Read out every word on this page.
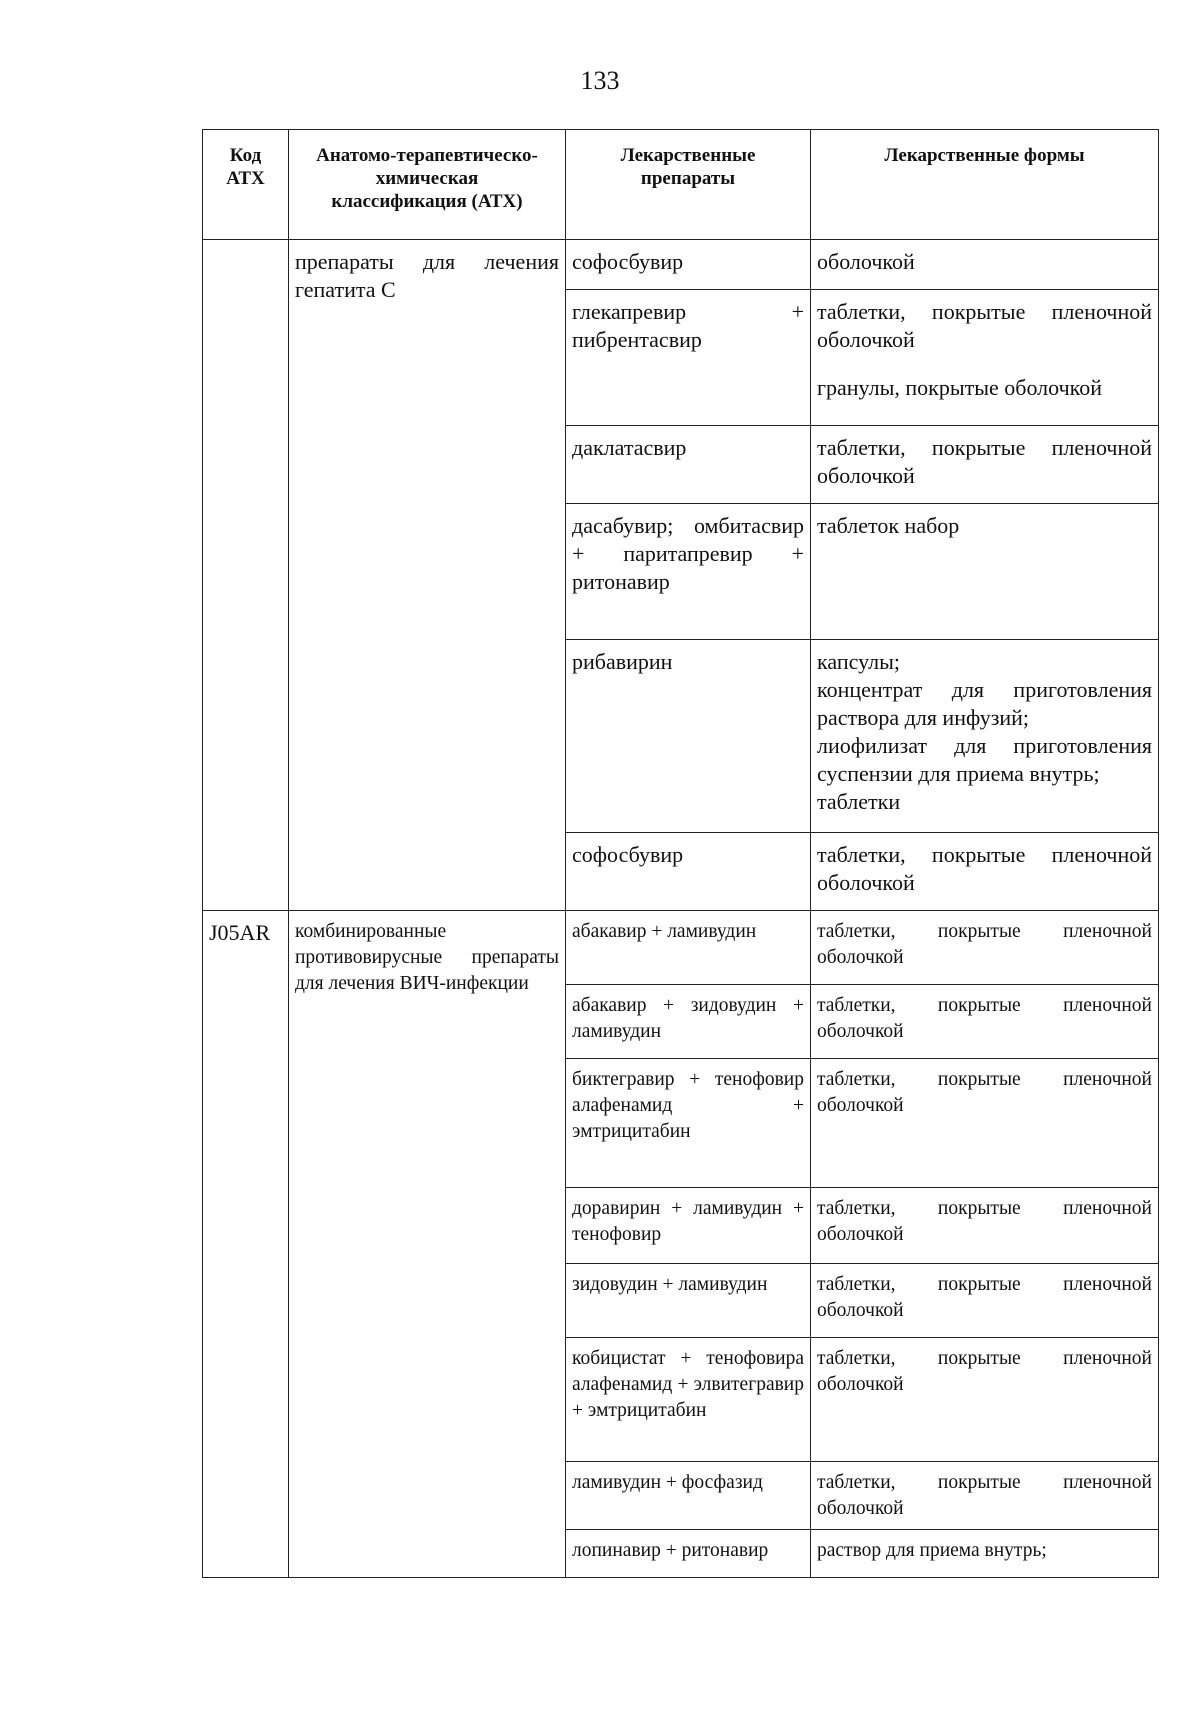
133
Код АТХ	Анатомо-терапевтическо-химическая классификация (АТХ)	Лекарственные препараты	Лекарственные формы

	препараты для лечения гепатита С	софосбувир	оболочкой

		глекапревир + пибрентасвир	таблетки, покрытые пленочной оболочкой
гранулы, покрытые оболочкой

		даклатасвир	таблетки, покрытые пленочной оболочкой

		дасабувир; омбитасвир + паритапревир + ритонавир	таблеток набор

		рибавирин	капсулы;
концентрат для приготовления раствора для инфузий;
лиофилизат для приготовления суспензии для приема внутрь;
таблетки

		софосбувир	таблетки, покрытые пленочной оболочкой

J05AR	комбинированные противовирусные препараты для лечения ВИЧ-инфекции	абакавир + ламивудин	таблетки, покрытые пленочной оболочкой

		абакавир + зидовудин + ламивудин	таблетки, покрытые пленочной оболочкой

		биктегравир + тенофовир алафенамид + эмтрицитабин	таблетки, покрытые пленочной оболочкой

		доравирин + ламивудин + тенофовир	таблетки, покрытые пленочной оболочкой

		зидовудин + ламивудин	таблетки, покрытые пленочной оболочкой

		кобицистат + тенофовира алафенамид + элвитегравир + эмтрицитабин	таблетки, покрытые пленочной оболочкой

		ламивудин + фосфазид	таблетки, покрытые пленочной оболочкой

		лопинавир + ритонавир	раствор для приема внутрь;
